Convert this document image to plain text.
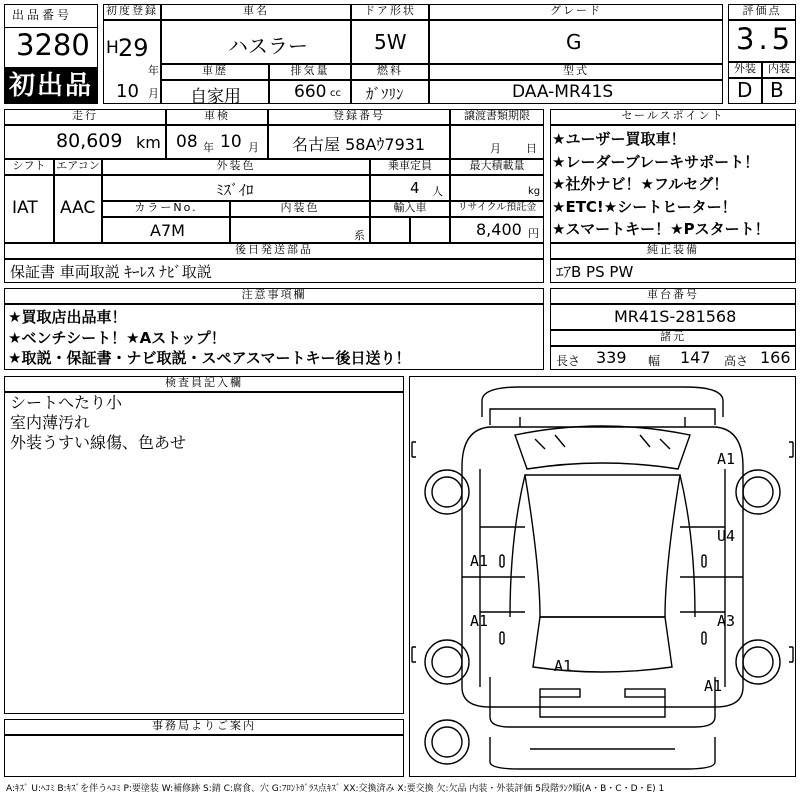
出品番号
3280
初出品
初度登録
H 29
年
10 月
車名
ハスラー
ドア形状
5W
グレード
G
評価点
3.5
車歴
自家用
排気量
660 cc
燃料
ｶﾞｿﾘﾝ
型式
DAA-MR41S
外装	内装
D B
走行
80,609 km
車検
08 年 10 月
登録番号
名古屋 58Aｳ7931
譲渡書類期限
月 日
シフト エアコン
IAT AAC
外装色
ﾐｽﾞｲﾛ
乗車定員
4 人
最大積載量
kg
カラーNo.
A7M
内装色
系
輸入車	リサイクル預託金
8,400 円
セールスポイント
★ユーザー買取車！
★レーダーブレーキサポート！
★社外ナビ！★フルセグ！
★ETC!★シートヒーター！
★スマートキー！★Pスタート！
後日発送部品
保証書 車両取説 ｷｰﾚｽ ﾅﾋﾞ取説
純正装備
ｴｱB PS PW
注意事項欄
★買取店出品車！
★ベンチシート！★Aストップ！
★取説・保証書・ナビ取説・スペアスマートキー後日送り！
車台番号
MR41S-281568
諸元
長さ 339 幅 147 高さ 166
検査員記入欄
シートへたり小
室内薄汚れ
外装うすい線傷、色あせ
事務局よりご案内
A1
U4
A1
A1	A3
A1
A1
A:ｷｽﾞ U:ﾍｺﾐ B:ｷｽﾞを伴うﾍｺﾐ P:要塗装 W:補修跡 S:錆 C:腐食、穴 G:ﾌﾛﾝﾄｶﾞﾗｽ点ｷｽﾞ XX:交換済み X:要交換 欠:欠品 内装・外装評価 5段階ﾗﾝｸ順(A・B・C・D・E) 1
